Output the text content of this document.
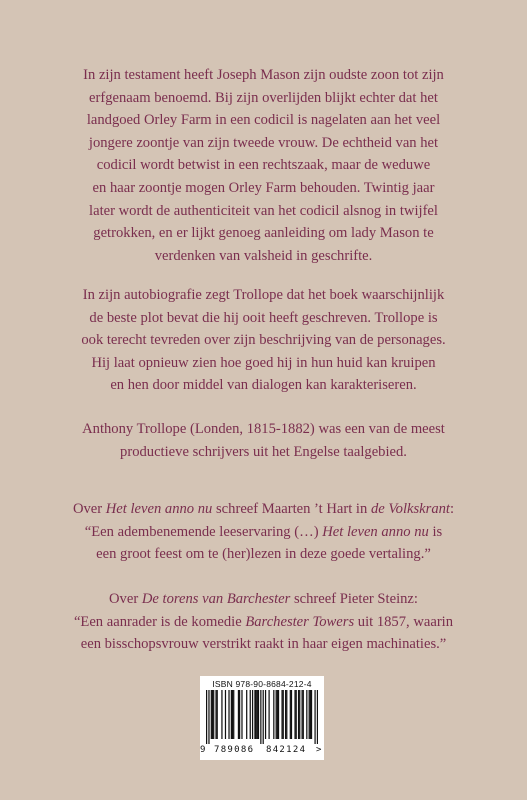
In zijn testament heeft Joseph Mason zijn oudste zoon tot zijn
erfgenaam benoemd. Bij zijn overlijden blijkt echter dat het
landgoed Orley Farm in een codicil is nagelaten aan het veel
jongere zoontje van zijn tweede vrouw. De echtheid van het
codicil wordt betwist in een rechtszaak, maar de weduwe
en haar zoontje mogen Orley Farm behouden. Twintig jaar
later wordt de authenticiteit van het codicil alsnog in twijfel
getrokken, en er lijkt genoeg aanleiding om lady Mason te
verdenken van valsheid in geschrifte.
In zijn autobiografie zegt Trollope dat het boek waarschijnlijk
de beste plot bevat die hij ooit heeft geschreven. Trollope is
ook terecht tevreden over zijn beschrijving van de personages.
Hij laat opnieuw zien hoe goed hij in hun huid kan kruipen
en hen door middel van dialogen kan karakteriseren.
Anthony Trollope (Londen, 1815-1882) was een van de meest
productieve schrijvers uit het Engelse taalgebied.
Over Het leven anno nu schreef Maarten ’t Hart in de Volkskrant:
“Een adembenemende leeservaring (…) Het leven anno nu is
een groot feest om te (her)lezen in deze goede vertaling.”
Over De torens van Barchester schreef Pieter Steinz:
“Een aanrader is de komedie Barchester Towers uit 1857, waarin
een bisschopsvrouw verstrikt raakt in haar eigen machinaties.”
ISBN 978-90-8684-212-4
9 789086 842124 >
